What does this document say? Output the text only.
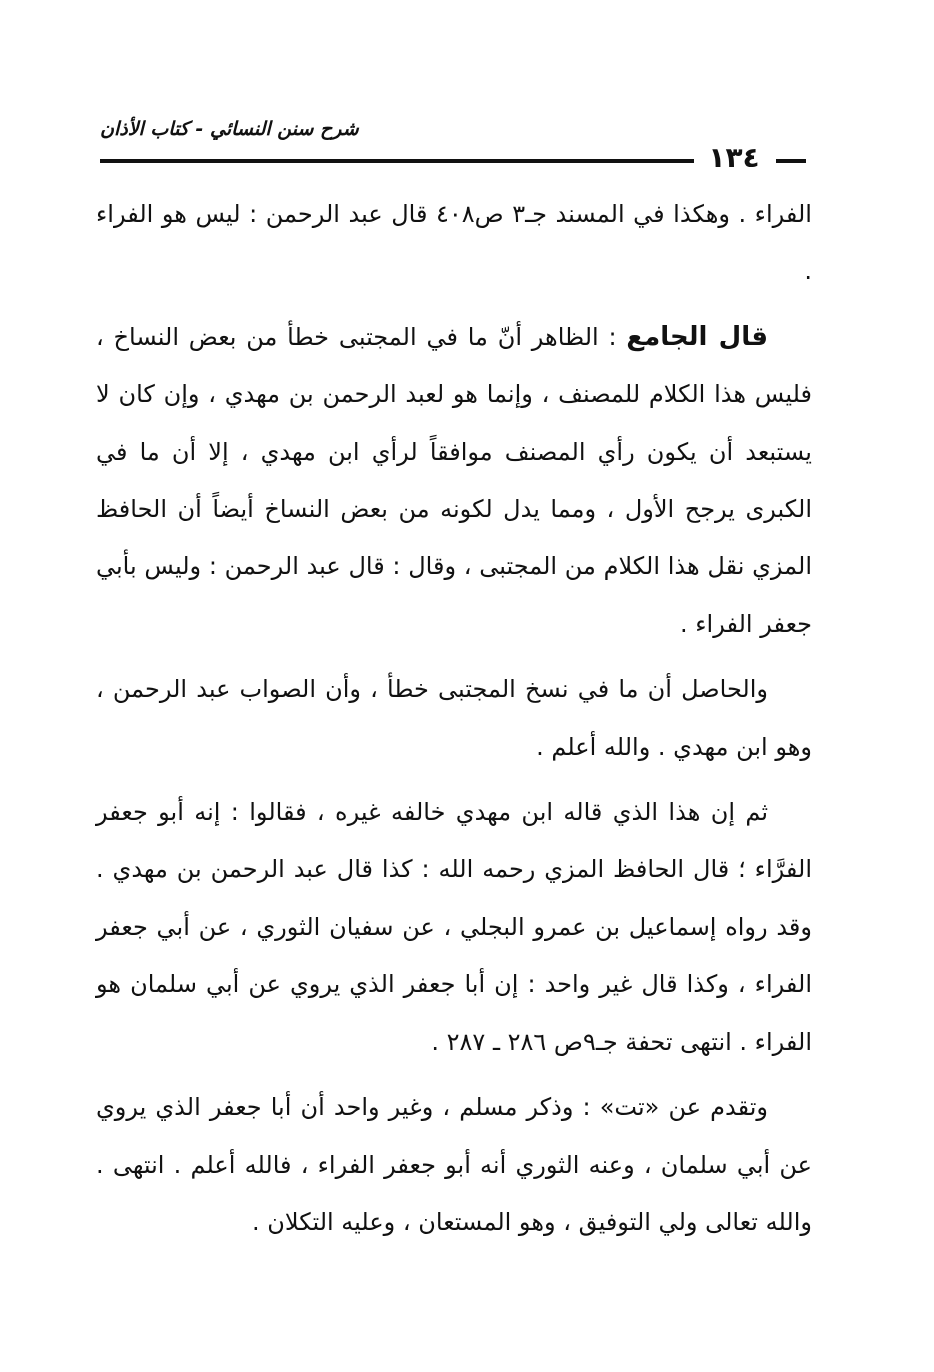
شرح سنن النسائي - كتاب الأذان
١٣٤

الفراء . وهكذا في المسند جـ٣ ص٤٠٨ قال عبد الرحمن : ليس هو الفراء .

قال الجامع : الظاهر أنّ ما في المجتبى خطأ من بعض النساخ ، فليس هذا الكلام للمصنف ، وإنما هو لعبد الرحمن بن مهدي ، وإن كان لا يستبعد أن يكون رأي المصنف موافقاً لرأي ابن مهدي ، إلا أن ما في الكبرى يرجح الأول ، ومما يدل لكونه من بعض النساخ أيضاً أن الحافظ المزي نقل هذا الكلام من المجتبى ، وقال : قال عبد الرحمن : وليس بأبي جعفر الفراء .

والحاصل أن ما في نسخ المجتبى خطأ ، وأن الصواب عبد الرحمن ، وهو ابن مهدي . والله أعلم .

ثم إن هذا الذي قاله ابن مهدي خالفه غيره ، فقالوا : إنه أبو جعفر الفرَّاء ؛ قال الحافظ المزي رحمه الله : كذا قال عبد الرحمن بن مهدي . وقد رواه إسماعيل بن عمرو البجلي ، عن سفيان الثوري ، عن أبي جعفر الفراء ، وكذا قال غير واحد : إن أبا جعفر الذي يروي عن أبي سلمان هو الفراء . انتهى تحفة جـ٩ص ٢٨٦ ـ ٢٨٧ .

وتقدم عن «تت» : وذكر مسلم ، وغير واحد أن أبا جعفر الذي يروي عن أبي سلمان ، وعنه الثوري أنه أبو جعفر الفراء ، فالله أعلم . انتهى . والله تعالى ولي التوفيق ، وهو المستعان ، وعليه التكلان .
